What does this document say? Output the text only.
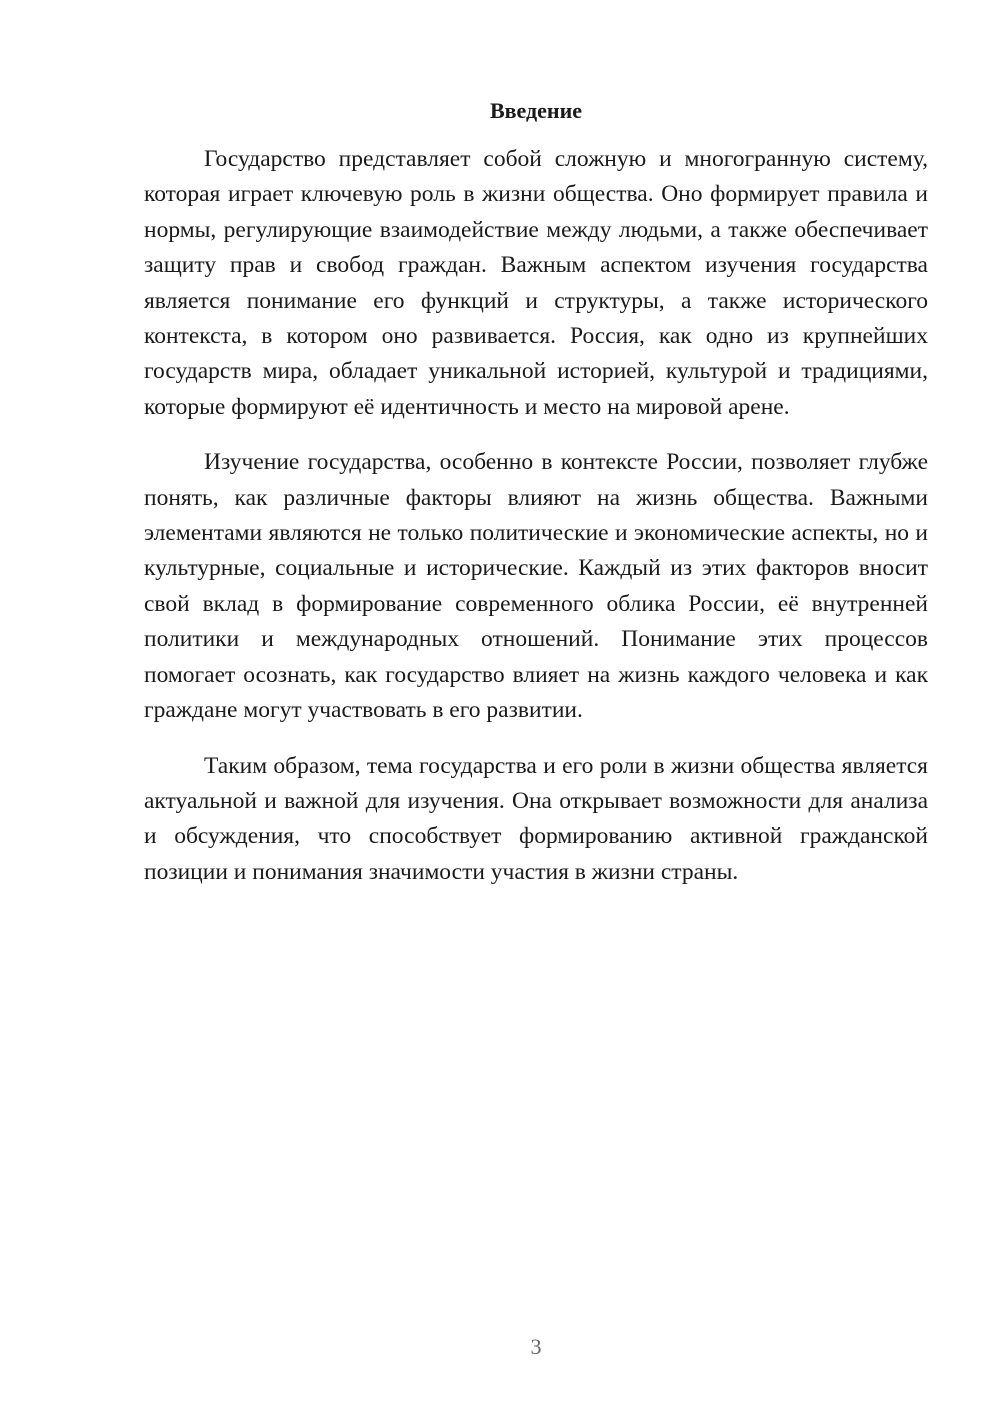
Введение

Государство представляет собой сложную и многогранную систему, которая играет ключевую роль в жизни общества. Оно формирует правила и нормы, регулирующие взаимодействие между людьми, а также обеспечивает защиту прав и свобод граждан. Важным аспектом изучения государства является понимание его функций и структуры, а также исторического контекста, в котором оно развивается. Россия, как одно из крупнейших государств мира, обладает уникальной историей, культурой и традициями, которые формируют её идентичность и место на мировой арене.

Изучение государства, особенно в контексте России, позволяет глубже понять, как различные факторы влияют на жизнь общества. Важными элементами являются не только политические и экономические аспекты, но и культурные, социальные и исторические. Каждый из этих факторов вносит свой вклад в формирование современного облика России, её внутренней политики и международных отношений. Понимание этих процессов помогает осознать, как государство влияет на жизнь каждого человека и как граждане могут участвовать в его развитии.

Таким образом, тема государства и его роли в жизни общества является актуальной и важной для изучения. Она открывает возможности для анализа и обсуждения, что способствует формированию активной гражданской позиции и понимания значимости участия в жизни страны.

3
